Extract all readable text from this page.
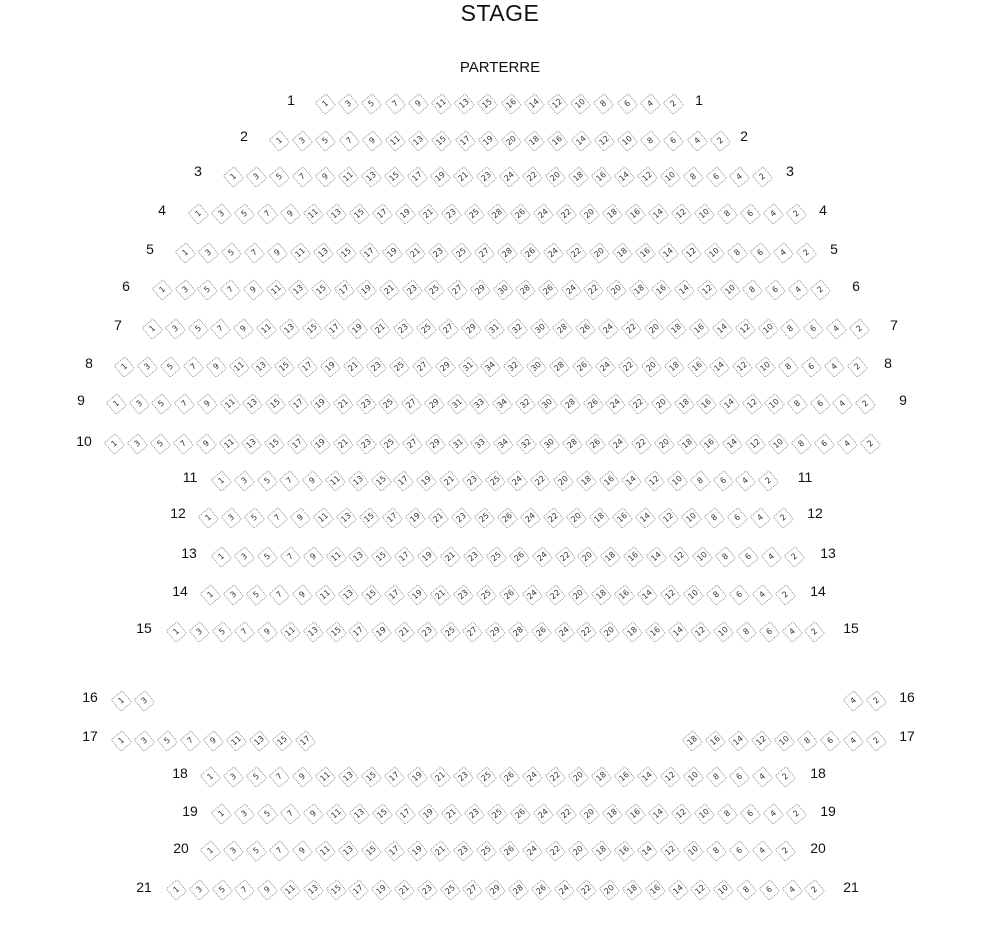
STAGE
PARTERRE
1	1
1	3	5	7	9	11	13	15	16	14	12	10	8	6	4	2
2	2
1	3	5	7	9	11	13	15	17	19	20	18	16	14	12	10	8	6	4	2
3	3
1	3	5	7	9	11	13	15	17	19	21	23	24	22	20	18	16	14	12	10	8	6	4	2
4	4
1	3	5	7	9	11	13	15	17	19	21	23	25	28	26	24	22	20	18	16	14	12	10	8	6	4	2
5	5
1	3	5	7	9	11	13	15	17	19	21	23	25	27	28	26	24	22	20	18	16	14	12	10	8	6	4	2
6	6
1	3	5	7	9	11	13	15	17	19	21	23	25	27	29	30	28	26	24	22	20	18	16	14	12	10	8	6	4	2
7	7
1	3	5	7	9	11	13	15	17	19	21	23	25	27	29	31	32	30	28	26	24	22	20	18	16	14	12	10	8	6	4	2
8	8
1	3	5	7	9	11	13	15	17	19	21	23	25	27	29	31	34	32	30	28	26	24	22	20	18	16	14	12	10	8	6	4	2
9	9
1	3	5	7	9	11	13	15	17	19	21	23	25	27	29	31	33	34	32	30	28	26	24	22	20	18	16	14	12	10	8	6	4	2
10	1	3	5	7	9	11	13	15	17	19	21	23	25	27	29	31	33	34	32	30	28	26	24	22	20	18	16	14	12	10	8	6	4	2
11	11
1	3	5	7	9	11	13	15	17	19	21	23	25	24	22	20	18	16	14	12	10	8	6	4	2
12	12
1	3	5	7	9	11	13	15	17	19	21	23	25	26	24	22	20	18	16	14	12	10	8	6	4	2
13	13
1	3	5	7	9	11	13	15	17	19	21	23	25	26	24	22	20	18	16	14	12	10	8	6	4	2
14	14
1	3	5	7	9	11	13	15	17	19	21	23	25	26	24	22	20	18	16	14	12	10	8	6	4	2
15	15
1	3	5	7	9	11	13	15	17	19	21	23	25	27	29	28	26	24	22	20	18	16	14	12	10	8	6	4	2
16	16
1	3	4	2
17	17
1	3	5	7	9	11	13	15	17	18	16	14	12	10	8	6	4	2
18	18
1	3	5	7	9	11	13	15	17	19	21	23	25	26	24	22	20	18	16	14	12	10	8	6	4	2
19	19
1	3	5	7	9	11	13	15	17	19	21	23	25	26	24	22	20	18	16	14	12	10	8	6	4	2
20	20
1	3	5	7	9	11	13	15	17	19	21	23	25	26	24	22	20	18	16	14	12	10	8	6	4	2
21	21
1	3	5	7	9	11	13	15	17	19	21	23	25	27	29	28	26	24	22	20	18	16	14	12	10	8	6	4	2
